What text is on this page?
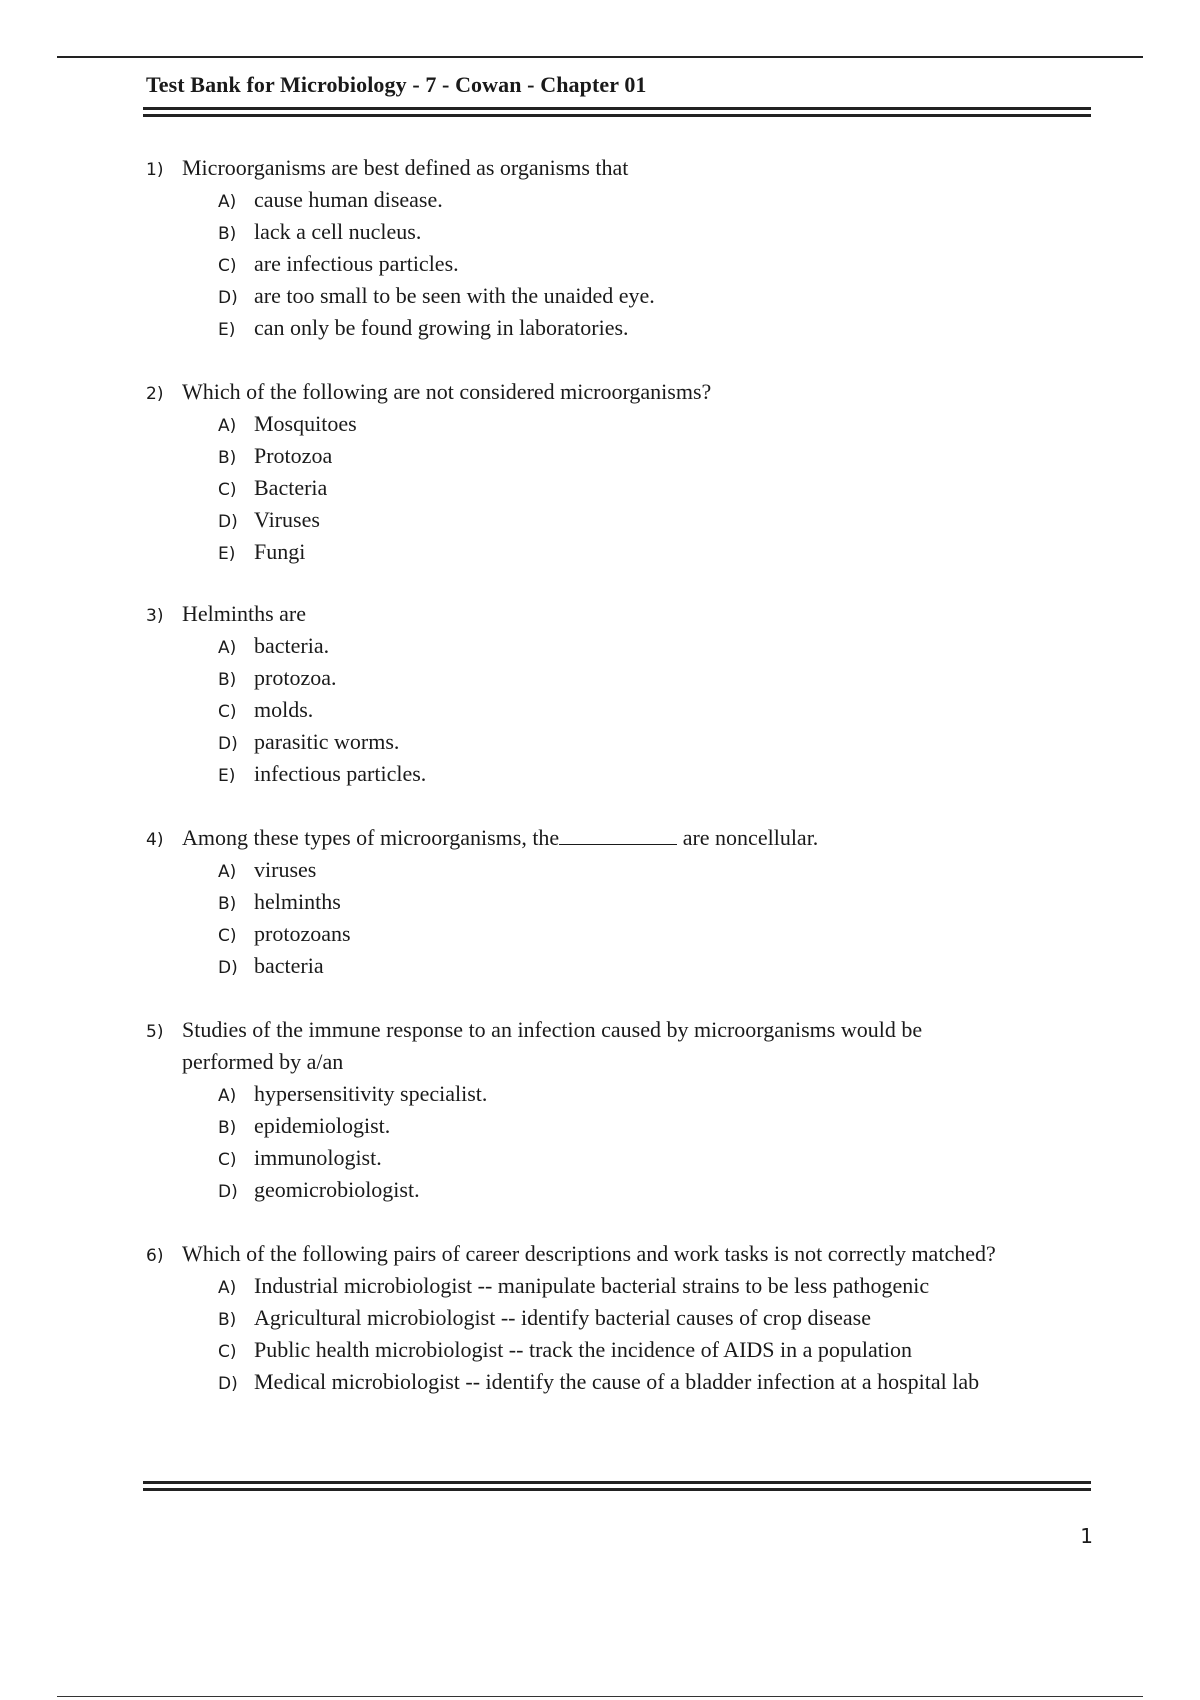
Test Bank for Microbiology - 7 - Cowan - Chapter 01
1) Microorganisms are best defined as organisms that
A) cause human disease.
B) lack a cell nucleus.
C) are infectious particles.
D) are too small to be seen with the unaided eye.
E) can only be found growing in laboratories.
2) Which of the following are not considered microorganisms?
A) Mosquitoes
B) Protozoa
C) Bacteria
D) Viruses
E) Fungi
3) Helminths are
A) bacteria.
B) protozoa.
C) molds.
D) parasitic worms.
E) infectious particles.
4) Among these types of microorganisms, the	are noncellular.
A) viruses
B) helminths
C) protozoans
D) bacteria
5) Studies of the immune response to an infection caused by microorganisms would be
performed by a/an
A) hypersensitivity specialist.
B) epidemiologist.
C) immunologist.
D) geomicrobiologist.
6) Which of the following pairs of career descriptions and work tasks is not correctly matched?
A) Industrial microbiologist -- manipulate bacterial strains to be less pathogenic
B) Agricultural microbiologist -- identify bacterial causes of crop disease
C) Public health microbiologist -- track the incidence of AIDS in a population
D) Medical microbiologist -- identify the cause of a bladder infection at a hospital lab
1
